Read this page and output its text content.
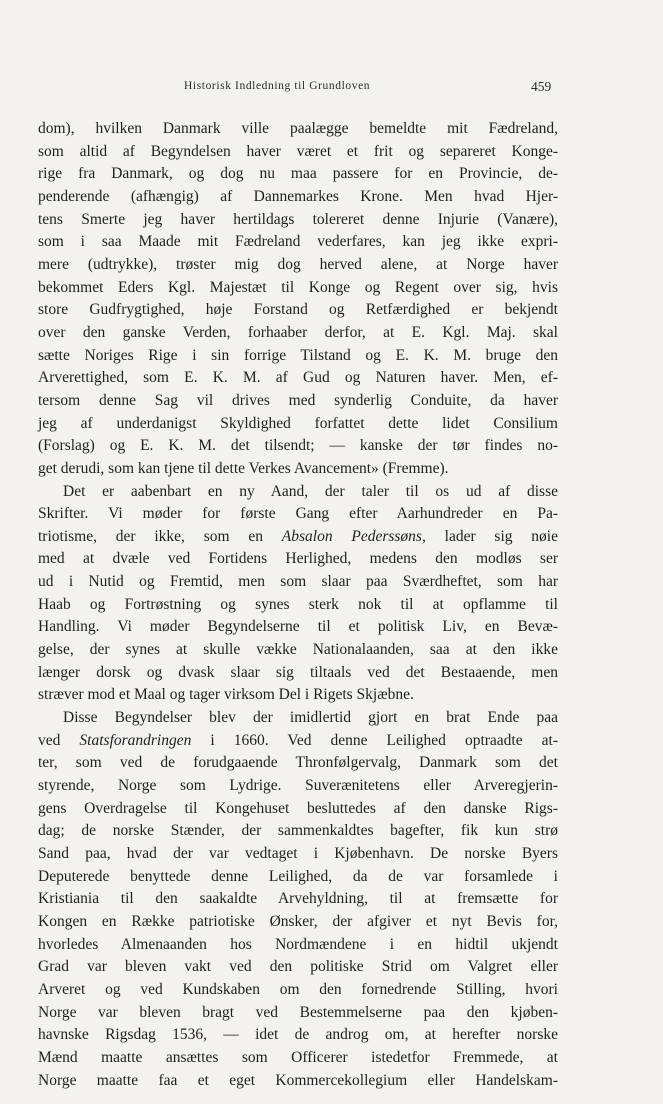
Historisk Indledning til Grundloven	459
dom), hvilken Danmark ville paalægge bemeldte mit Fædreland,
som altid af Begyndelsen haver været et frit og separeret Konge-
rige fra Danmark, og dog nu maa passere for en Provincie, de-
penderende (afhængig) af Dannemarkes Krone. Men hvad Hjer-
tens Smerte jeg haver hertildags tolereret denne Injurie (Vanære),
som i saa Maade mit Fædreland vederfares, kan jeg ikke expri-
mere (udtrykke), trøster mig dog herved alene, at Norge haver
bekommet Eders Kgl. Majestæt til Konge og Regent over sig, hvis
store Gudfrygtighed, høje Forstand og Retfærdighed er bekjendt
over den ganske Verden, forhaaber derfor, at E. Kgl. Maj. skal
sætte Noriges Rige i sin forrige Tilstand og E. K. M. bruge den
Arverettighed, som E. K. M. af Gud og Naturen haver. Men, ef-
tersom denne Sag vil drives med synderlig Conduite, da haver
jeg af underdanigst Skyldighed forfattet dette lidet Consilium
(Forslag) og E. K. M. det tilsendt; — kanske der tør findes no-
get derudi, som kan tjene til dette Verkes Avancement» (Fremme).
Det er aabenbart en ny Aand, der taler til os ud af disse
Skrifter. Vi møder for første Gang efter Aarhundreder en Pa-
triotisme, der ikke, som en Absalon Pederssøns, lader sig nøie
med at dvæle ved Fortidens Herlighed, medens den modløs ser
ud i Nutid og Fremtid, men som slaar paa Sværdheftet, som har
Haab og Fortrøstning og synes sterk nok til at opflamme til
Handling. Vi møder Begyndelserne til et politisk Liv, en Bevæ-
gelse, der synes at skulle vække Nationalaanden, saa at den ikke
længer dorsk og dvask slaar sig tiltaals ved det Bestaaende, men
stræver mod et Maal og tager virksom Del i Rigets Skjæbne.
Disse Begyndelser blev der imidlertid gjort en brat Ende paa
ved Statsforandringen i 1660. Ved denne Leilighed optraadte at-
ter, som ved de forudgaaende Thronfølgervalg, Danmark som det
styrende, Norge som Lydrige. Suverænitetens eller Arveregjerin-
gens Overdragelse til Kongehuset besluttedes af den danske Rigs-
dag; de norske Stænder, der sammenkaldtes bagefter, fik kun strø
Sand paa, hvad der var vedtaget i Kjøbenhavn. De norske Byers
Deputerede benyttede denne Leilighed, da de var forsamlede i
Kristiania til den saakaldte Arvehyldning, til at fremsætte for
Kongen en Række patriotiske Ønsker, der afgiver et nyt Bevis for,
hvorledes Almenaanden hos Nordmændene i en hidtil ukjendt
Grad var bleven vakt ved den politiske Strid om Valgret eller
Arveret og ved Kundskaben om den fornedrende Stilling, hvori
Norge var bleven bragt ved Bestemmelserne paa den kjøben-
havnske Rigsdag 1536, — idet de androg om, at herefter norske
Mænd maatte ansættes som Officerer istedetfor Fremmede, at
Norge maatte faa et eget Kommercekollegium eller Handelskam-
